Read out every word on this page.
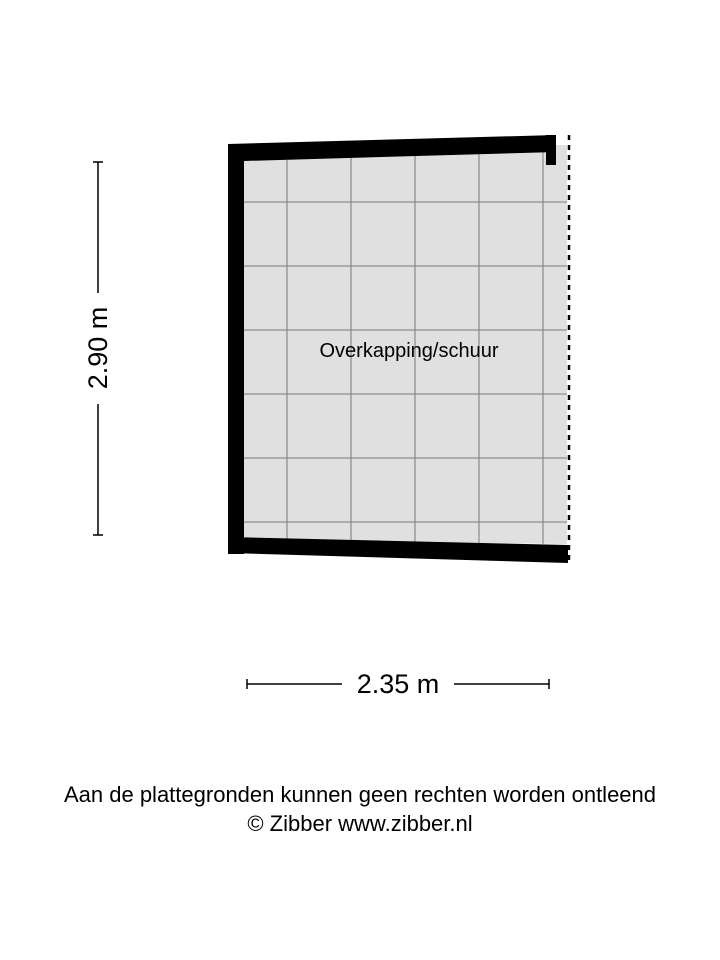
Overkapping/schuur
2.90 m
2.35 m
Aan de plattegronden kunnen geen rechten worden ontleend
© Zibber www.zibber.nl
